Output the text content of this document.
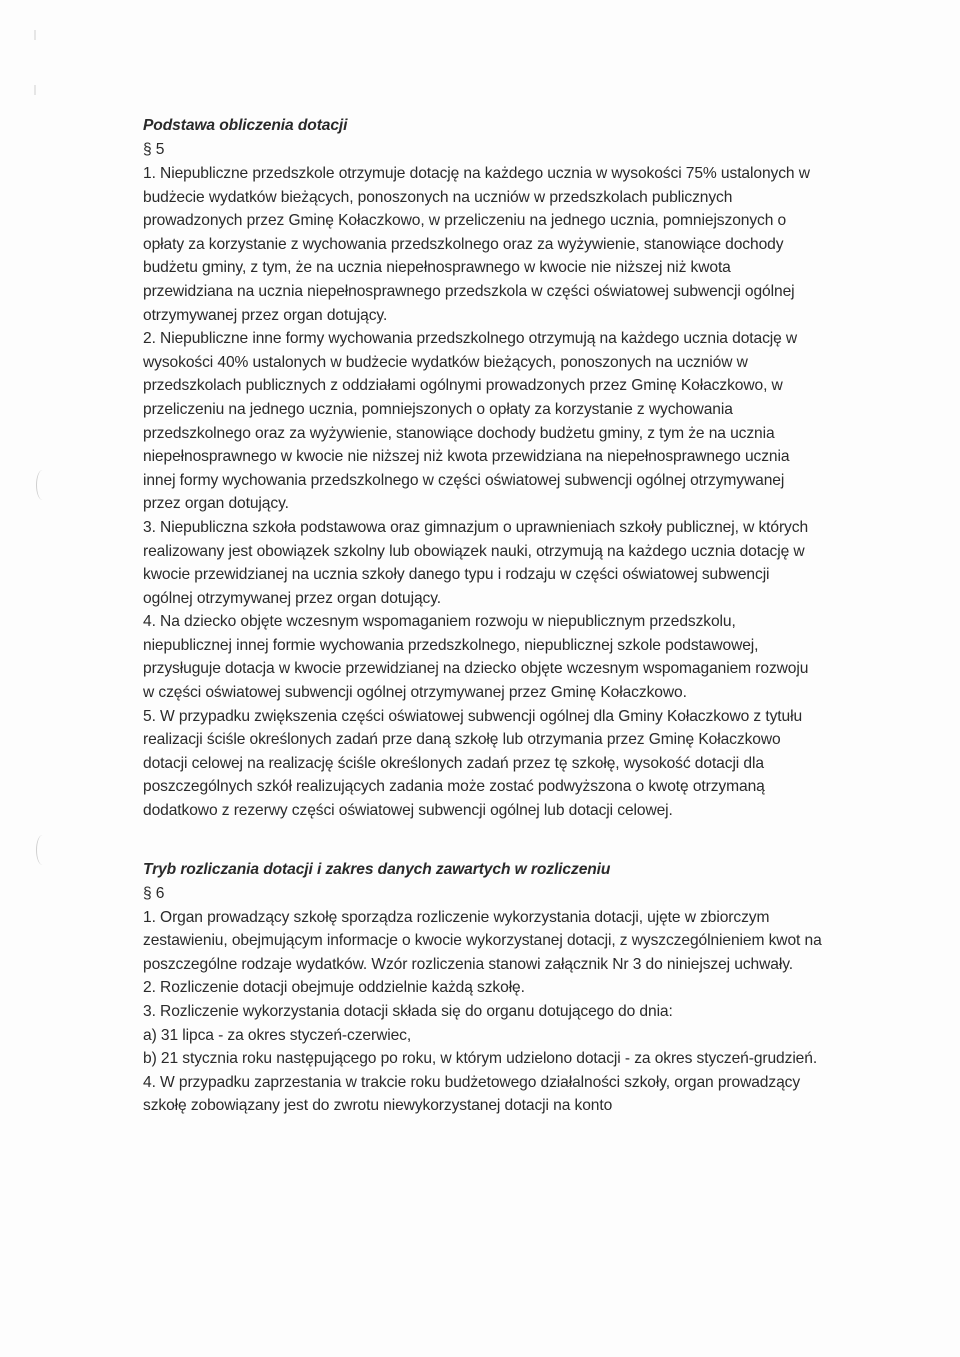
Podstawa obliczenia dotacji

§ 5

1. Niepubliczne przedszkole otrzymuje dotację na każdego ucznia w wysokości 75% ustalonych w budżecie wydatków bieżących, ponoszonych na uczniów w przedszkolach publicznych prowadzonych przez Gminę Kołaczkowo, w przeliczeniu na jednego ucznia, pomniejszonych o opłaty za korzystanie z wychowania przedszkolnego oraz za wyżywienie, stanowiące dochody budżetu gminy, z tym, że na ucznia niepełnosprawnego w kwocie nie niższej niż kwota przewidziana na ucznia niepełnosprawnego przedszkola w części oświatowej subwencji ogólnej otrzymywanej przez organ dotujący.

2. Niepubliczne inne formy wychowania przedszkolnego otrzymują na każdego ucznia dotację w wysokości 40% ustalonych w budżecie wydatków bieżących, ponoszonych na uczniów w przedszkolach publicznych z oddziałami ogólnymi prowadzonych przez Gminę Kołaczkowo, w przeliczeniu na jednego ucznia, pomniejszonych o opłaty za korzystanie z wychowania przedszkolnego oraz za wyżywienie, stanowiące dochody budżetu gminy, z tym że na ucznia niepełnosprawnego w kwocie nie niższej niż kwota przewidziana na niepełnosprawnego ucznia innej formy wychowania przedszkolnego w części oświatowej subwencji ogólnej otrzymywanej przez organ dotujący.

3. Niepubliczna szkoła podstawowa oraz gimnazjum o uprawnieniach szkoły publicznej, w których realizowany jest obowiązek szkolny lub obowiązek nauki, otrzymują na każdego ucznia dotację w kwocie przewidzianej na ucznia szkoły danego typu i rodzaju w części oświatowej subwencji ogólnej otrzymywanej przez organ dotujący.

4. Na dziecko objęte wczesnym wspomaganiem rozwoju w niepublicznym przedszkolu, niepublicznej innej formie wychowania przedszkolnego, niepublicznej szkole podstawowej, przysługuje dotacja w kwocie przewidzianej na dziecko objęte wczesnym wspomaganiem rozwoju w części oświatowej subwencji ogólnej otrzymywanej przez Gminę Kołaczkowo.

5. W przypadku zwiększenia części oświatowej subwencji ogólnej dla Gminy Kołaczkowo z tytułu realizacji ściśle określonych zadań prze daną szkołę lub otrzymania przez Gminę Kołaczkowo dotacji celowej na realizację ściśle określonych zadań przez tę szkołę, wysokość dotacji dla poszczególnych szkół realizujących zadania może zostać podwyższona o kwotę otrzymaną dodatkowo z rezerwy części oświatowej subwencji ogólnej lub dotacji celowej.

Tryb rozliczania dotacji i zakres danych zawartych w rozliczeniu

§ 6

1. Organ prowadzący szkołę sporządza rozliczenie wykorzystania dotacji, ujęte w zbiorczym zestawieniu, obejmującym informacje o kwocie wykorzystanej dotacji, z wyszczególnieniem kwot na poszczególne rodzaje wydatków. Wzór rozliczenia stanowi załącznik Nr 3 do niniejszej uchwały.

2. Rozliczenie dotacji obejmuje oddzielnie każdą szkołę.

3. Rozliczenie wykorzystania dotacji składa się do organu dotującego do dnia:

a) 31 lipca - za okres styczeń-czerwiec,

b) 21 stycznia roku następującego po roku, w którym udzielono dotacji - za okres styczeń-grudzień.

4. W przypadku zaprzestania w trakcie roku budżetowego działalności szkoły, organ prowadzący szkołę zobowiązany jest do zwrotu niewykorzystanej dotacji na konto
